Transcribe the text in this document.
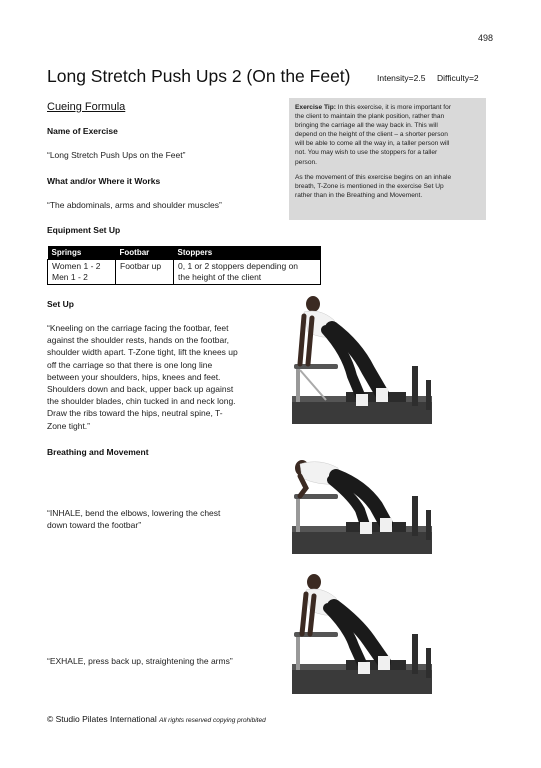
498
Long Stretch Push Ups 2 (On the Feet)	Intensity=2.5 Difficulty=2
Cueing Formula
Name of Exercise
“Long Stretch Push Ups on the Feet”
What and/or Where it Works
“The abdominals, arms and shoulder muscles”
Equipment Set Up

Exercise Tip: In this exercise, it is more important for
the client to maintain the plank position, rather than
bringing the carriage all the way back in. This will
depend on the height of the client – a shorter person
will be able to come all the way in, a taller person will
not. You may wish to use the stoppers for a taller
person.

As the movement of this exercise begins on an inhale
breath, T-Zone is mentioned in the exercise Set Up
rather than in the Breathing and Movement.

Springs	Footbar	Stoppers
Women 1 - 2
Men 1 - 2	Footbar up	0, 1 or 2 stoppers depending on
the height of the client
Set Up
“Kneeling on the carriage facing the footbar, feet
against the shoulder rests, hands on the footbar,
shoulder width apart. T-Zone tight, lift the knees up
off the carriage so that there is one long line
between your shoulders, hips, knees and feet.
Shoulders down and back, upper back up against
the shoulder blades, chin tucked in and neck long.
Draw the ribs toward the hips, neutral spine, T-
Zone tight.”
Breathing and Movement
“INHALE, bend the elbows, lowering the chest
down toward the footbar”
“EXHALE, press back up, straightening the arms”
© Studio Pilates International All rights reserved copying prohibited
